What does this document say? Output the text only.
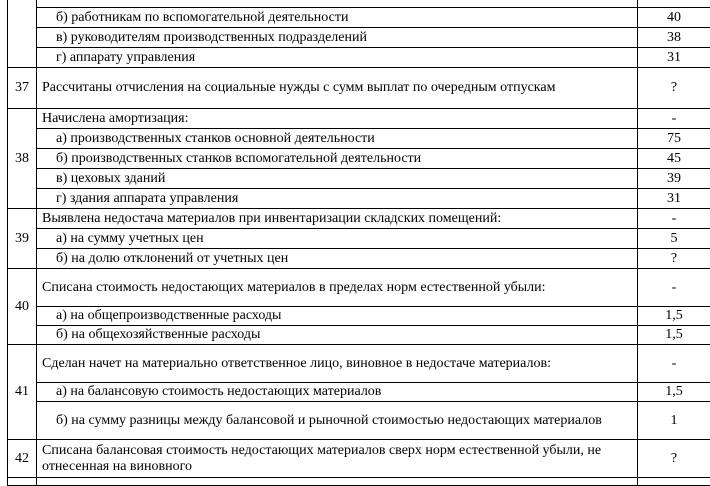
	б) работникам по вспомогательной деятельности	40
	в) руководителям производственных подразделений	38
	г) аппарату управления	31
37	Рассчитаны отчисления на социальные нужды с сумм выплат по очередным отпускам	?
38	Начислена амортизация:	-
	а) производственных станков основной деятельности	75
	б) производственных станков вспомогательной деятельности	45
	в) цеховых зданий	39
	г) здания аппарата управления	31
39	Выявлена недостача материалов при инвентаризации складских помещений:	-
	а) на сумму учетных цен	5
	б) на долю отклонений от учетных цен	?
40	Списана стоимость недостающих материалов в пределах норм естественной убыли:	-
	а) на общепроизводственные расходы	1,5
	б) на общехозяйственные расходы	1,5
41	Сделан начет на материально ответственное лицо, виновное в недостаче материалов:	-
	а) на балансовую стоимость недостающих материалов	1,5
	б) на сумму разницы между балансовой и рыночной стоимостью недостающих материалов	1
42	Списана балансовая стоимость недостающих материалов сверх норм естественной убыли, не отнесенная на виновного	?
